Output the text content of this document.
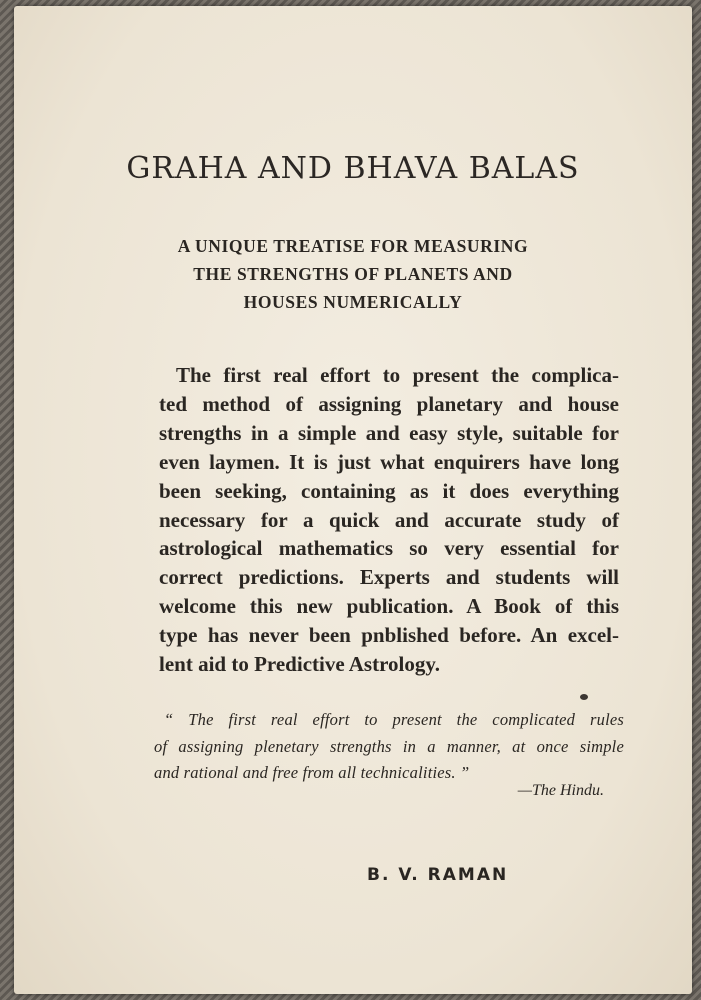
GRAHA AND BHAVA BALAS
A UNIQUE TREATISE FOR MEASURING
THE STRENGTHS OF PLANETS AND
HOUSES NUMERICALLY
The first real effort to present the complica-
ted method of assigning planetary and house
strengths in a simple and easy style, suitable for
even laymen. It is just what enquirers have long
been seeking, containing as it does everything
necessary for a quick and accurate study of
astrological mathematics so very essential for
correct predictions. Experts and students will
welcome this new publication. A Book of this
type has never been pnblished before. An excel-
lent aid to Predictive Astrology.
“ The first real effort to present the complicated rules
of assigning plenetary strengths in a manner, at once simple
and rational and free from all technicalities. ”
—The Hindu.
B. V. RAMAN
